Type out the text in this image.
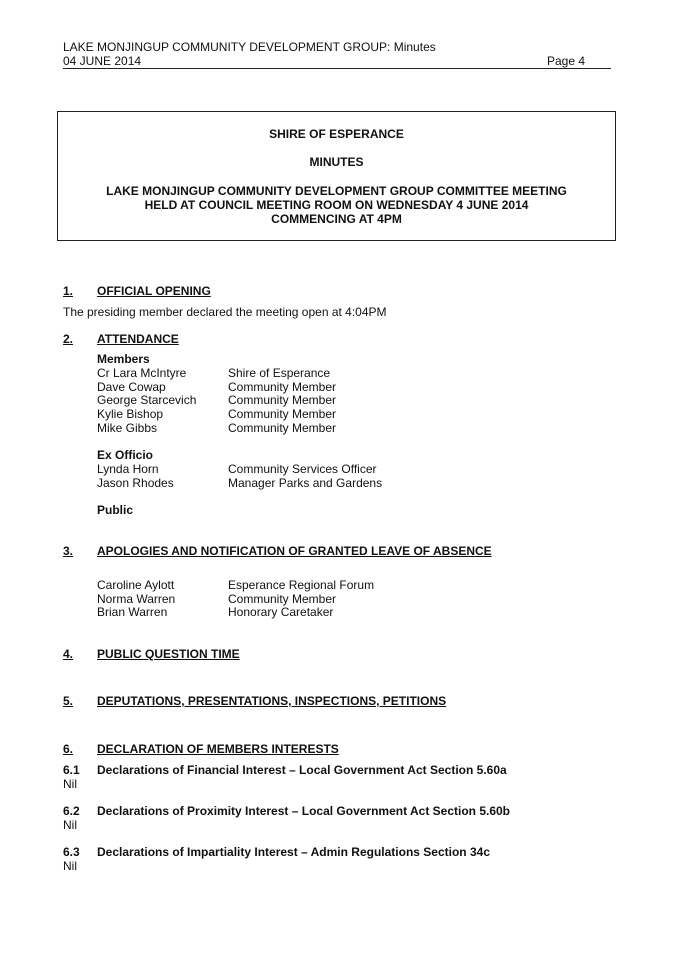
LAKE MONJINGUP COMMUNITY DEVELOPMENT GROUP: Minutes
04 JUNE 2014	Page 4
SHIRE OF ESPERANCE
MINUTES
LAKE MONJINGUP COMMUNITY DEVELOPMENT GROUP COMMITTEE MEETING
HELD AT COUNCIL MEETING ROOM ON WEDNESDAY 4 JUNE 2014
COMMENCING AT 4PM
1. OFFICIAL OPENING
The presiding member declared the meeting open at 4:04PM
2. ATTENDANCE
Members
Cr Lara McIntyre	Shire of Esperance
Dave Cowap	Community Member
George Starcevich	Community Member
Kylie Bishop	Community Member
Mike Gibbs	Community Member
Ex Officio
Lynda Horn	Community Services Officer
Jason Rhodes	Manager Parks and Gardens
Public
3. APOLOGIES AND NOTIFICATION OF GRANTED LEAVE OF ABSENCE
Caroline Aylott	Esperance Regional Forum
Norma Warren	Community Member
Brian Warren	Honorary Caretaker
4. PUBLIC QUESTION TIME
5. DEPUTATIONS, PRESENTATIONS, INSPECTIONS, PETITIONS
6. DECLARATION OF MEMBERS INTERESTS
6.1 Declarations of Financial Interest – Local Government Act Section 5.60a
Nil
6.2 Declarations of Proximity Interest – Local Government Act Section 5.60b
Nil
6.3 Declarations of Impartiality Interest – Admin Regulations Section 34c
Nil
